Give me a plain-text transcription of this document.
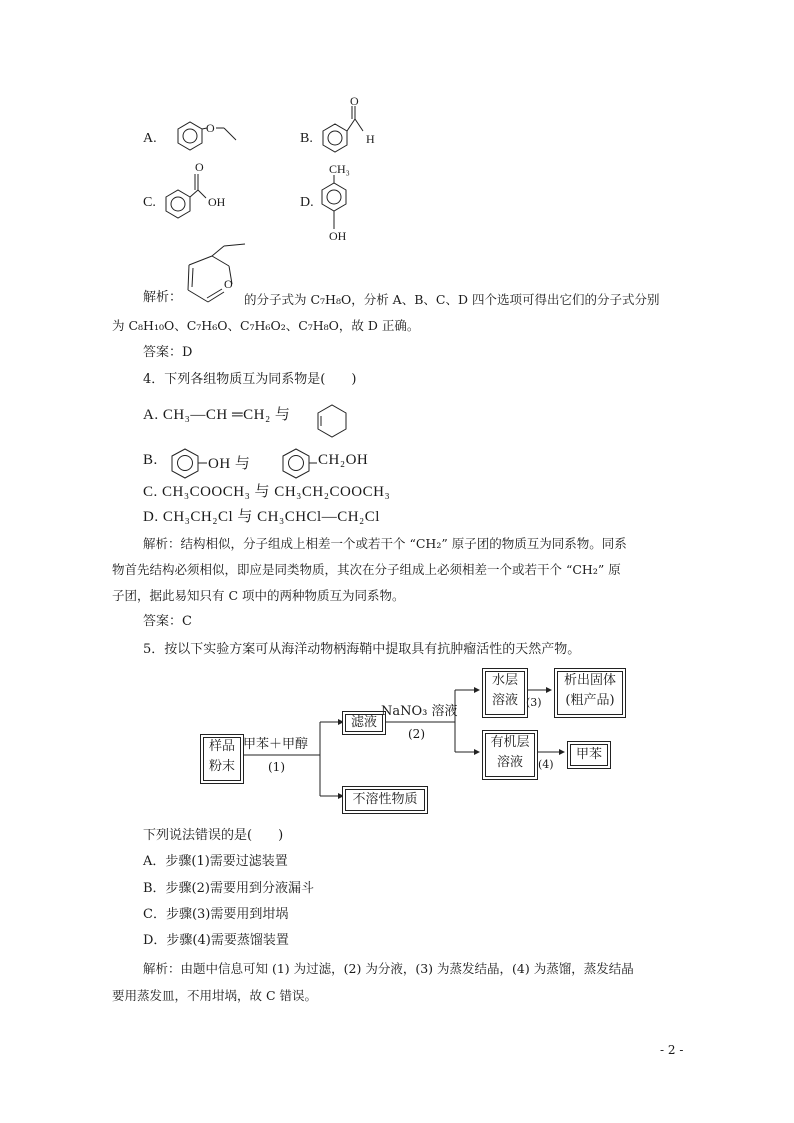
A.	B.
C.	D.
H
O
OH
CH₃
OH
O
O
解析：
O
的分子式为 C₇H₈O，分析 A、B、C、D 四个选项可得出它们的分子式分别
为 C₈H₁₀O、C₇H₆O、C₇H₆O₂、C₇H₈O，故 D 正确。
答案：D
4．下列各组物质互为同系物是(　　)
A. CH₃—CH ═CH₂ 与
B.	OH 与	CH₂OH
C. CH₃COOCH₃ 与 CH₃CH₂COOCH₃
D. CH₃CH₂Cl 与 CH₃CHCl—CH₂Cl
解析：结构相似，分子组成上相差一个或若干个 “CH₂” 原子团的物质互为同系物。同系
物首先结构必须相似，即应是同类物质，其次在分子组成上必须相差一个或若干个 “CH₂” 原
子团，据此易知只有 C 项中的两种物质互为同系物。
答案：C
5．按以下实验方案可从海洋动物柄海鞘中提取具有抗肿瘤活性的天然产物。
样品
粉末
甲苯＋甲醇
(1)
滤液
NaNO₃ 溶液
(2)
水层
溶液 (3)
析出固体
(粗产品)
有机层
溶液	(4)
甲苯
不溶性物质
下列说法错误的是(　　)
A．步骤(1)需要过滤装置
B．步骤(2)需要用到分液漏斗
C．步骤(3)需要用到坩埚
D．步骤(4)需要蒸馏装置
解析：由题中信息可知 (1) 为过滤，(2) 为分液，(3) 为蒸发结晶，(4) 为蒸馏，蒸发结晶
要用蒸发皿，不用坩埚，故 C 错误。
- 2 -
